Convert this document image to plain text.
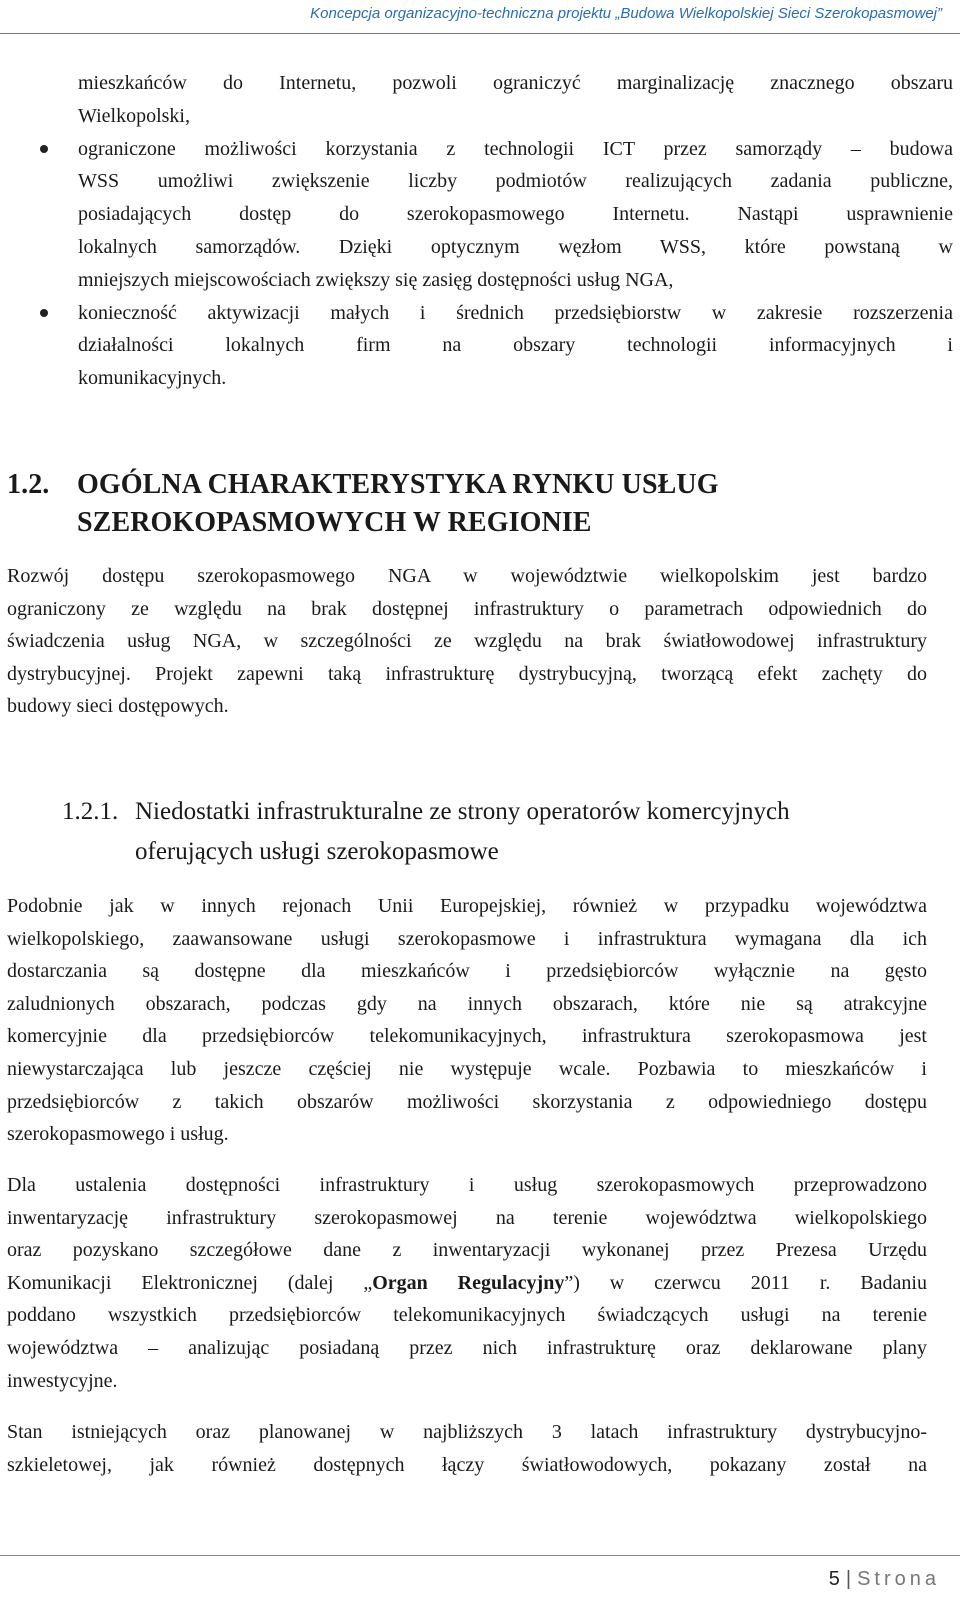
Koncepcja organizacyjno-techniczna projektu „Budowa Wielkopolskiej Sieci Szerokopasmowej”
mieszkańców do Internetu, pozwoli ograniczyć marginalizację znacznego obszaru
Wielkopolski,
ograniczone możliwości korzystania z technologii ICT przez samorządy – budowa
WSS umożliwi zwiększenie liczby podmiotów realizujących zadania publiczne,
posiadających dostęp do szerokopasmowego Internetu. Nastąpi usprawnienie
lokalnych samorządów. Dzięki optycznym węzłom WSS, które powstaną w
mniejszych miejscowościach zwiększy się zasięg dostępności usług NGA,
konieczność aktywizacji małych i średnich przedsiębiorstw w zakresie rozszerzenia
działalności lokalnych firm na obszary technologii informacyjnych i
komunikacyjnych.
1.2. OGÓLNA CHARAKTERYSTYKA RYNKU USŁUG
SZEROKOPASMOWYCH W REGIONIE
Rozwój dostępu szerokopasmowego NGA w województwie wielkopolskim jest bardzo
ograniczony ze względu na brak dostępnej infrastruktury o parametrach odpowiednich do
świadczenia usług NGA, w szczególności ze względu na brak światłowodowej infrastruktury
dystrybucyjnej. Projekt zapewni taką infrastrukturę dystrybucyjną, tworzącą efekt zachęty do
budowy sieci dostępowych.
1.2.1. Niedostatki infrastrukturalne ze strony operatorów komercyjnych
oferujących usługi szerokopasmowe
Podobnie jak w innych rejonach Unii Europejskiej, również w przypadku województwa
wielkopolskiego, zaawansowane usługi szerokopasmowe i infrastruktura wymagana dla ich
dostarczania są dostępne dla mieszkańców i przedsiębiorców wyłącznie na gęsto
zaludnionych obszarach, podczas gdy na innych obszarach, które nie są atrakcyjne
komercyjnie dla przedsiębiorców telekomunikacyjnych, infrastruktura szerokopasmowa jest
niewystarczająca lub jeszcze częściej nie występuje wcale. Pozbawia to mieszkańców i
przedsiębiorców z takich obszarów możliwości skorzystania z odpowiedniego dostępu
szerokopasmowego i usług.
Dla ustalenia dostępności infrastruktury i usług szerokopasmowych przeprowadzono
inwentaryzację infrastruktury szerokopasmowej na terenie województwa wielkopolskiego
oraz pozyskano szczegółowe dane z inwentaryzacji wykonanej przez Prezesa Urzędu
Komunikacji Elektronicznej (dalej „Organ Regulacyjny”) w czerwcu 2011 r. Badaniu
poddano wszystkich przedsiębiorców telekomunikacyjnych świadczących usługi na terenie
województwa – analizując posiadaną przez nich infrastrukturę oraz deklarowane plany
inwestycyjne.
Stan istniejących oraz planowanej w najbliższych 3 latach infrastruktury dystrybucyjno-
szkieletowej, jak również dostępnych łączy światłowodowych, pokazany został na
5 | Strona
